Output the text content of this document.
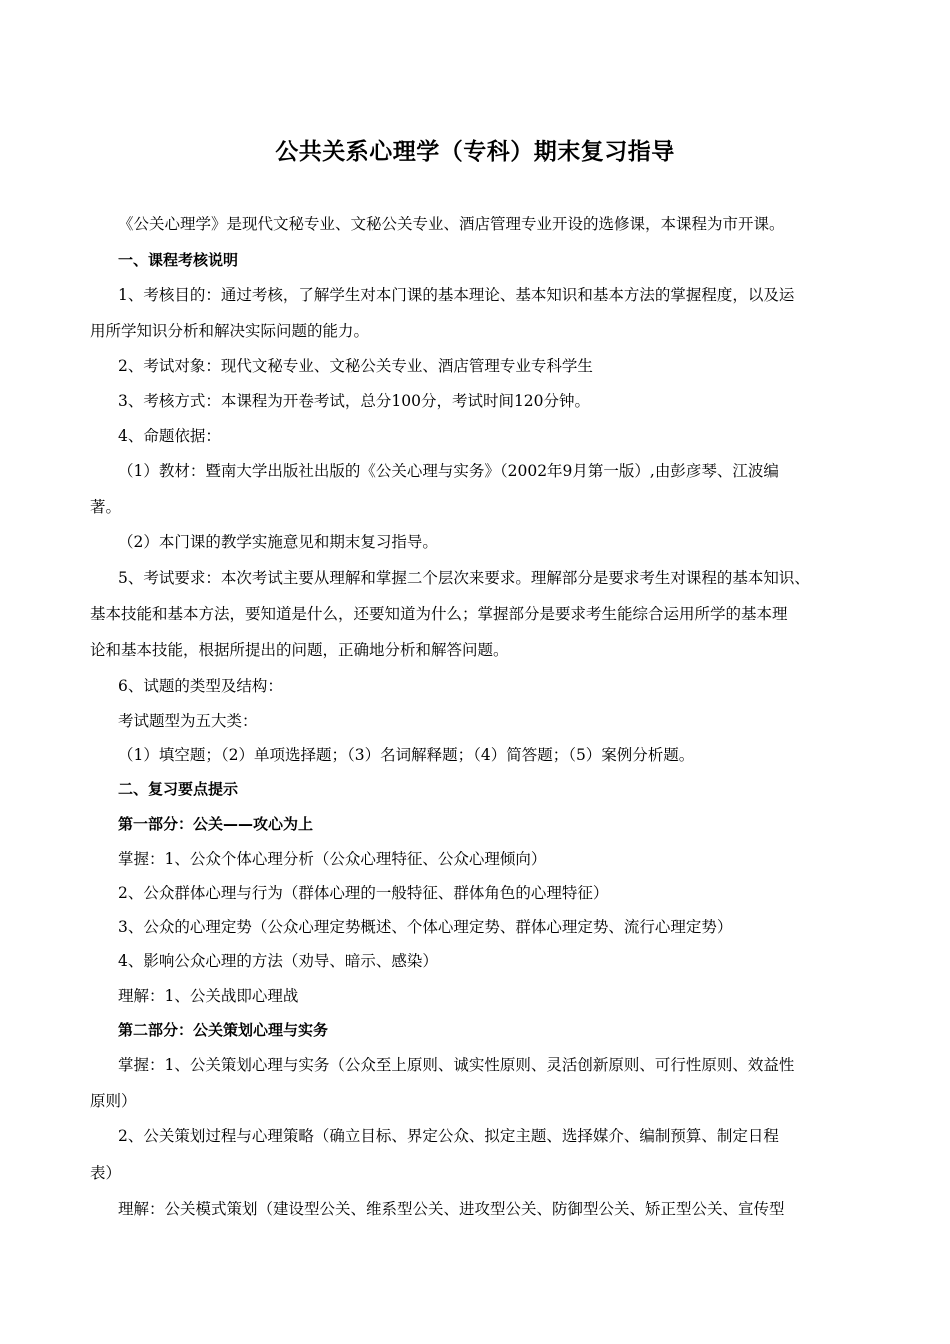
公共关系心理学（专科）期末复习指导
《公关心理学》是现代文秘专业、文秘公关专业、酒店管理专业开设的选修课，本课程为市开课。
一、课程考核说明
1、考核目的：通过考核，了解学生对本门课的基本理论、基本知识和基本方法的掌握程度，以及运
用所学知识分析和解决实际问题的能力。
2、考试对象：现代文秘专业、文秘公关专业、酒店管理专业专科学生
3、考核方式：本课程为开卷考试，总分100分，考试时间120分钟。
4、命题依据：
（1）教材：暨南大学出版社出版的《公关心理与实务》（2002年9月第一版）,由彭彦琴、江波编
著。
（2）本门课的教学实施意见和期末复习指导。
5、考试要求：本次考试主要从理解和掌握二个层次来要求。理解部分是要求考生对课程的基本知识、
基本技能和基本方法，要知道是什么，还要知道为什么；掌握部分是要求考生能综合运用所学的基本理
论和基本技能，根据所提出的问题，正确地分析和解答问题。
6、试题的类型及结构：
考试题型为五大类：
（1）填空题；（2）单项选择题；（3）名词解释题；（4）简答题；（5）案例分析题。
二、复习要点提示
第一部分：公关——攻心为上
掌握：1、公众个体心理分析（公众心理特征、公众心理倾向）
2、公众群体心理与行为（群体心理的一般特征、群体角色的心理特征）
3、公众的心理定势（公众心理定势概述、个体心理定势、群体心理定势、流行心理定势）
4、影响公众心理的方法（劝导、暗示、感染）
理解：1、公关战即心理战
第二部分：公关策划心理与实务
掌握：1、公关策划心理与实务（公众至上原则、诚实性原则、灵活创新原则、可行性原则、效益性
原则）
2、公关策划过程与心理策略（确立目标、界定公众、拟定主题、选择媒介、编制预算、制定日程
表）
理解：公关模式策划（建设型公关、维系型公关、进攻型公关、防御型公关、矫正型公关、宣传型
